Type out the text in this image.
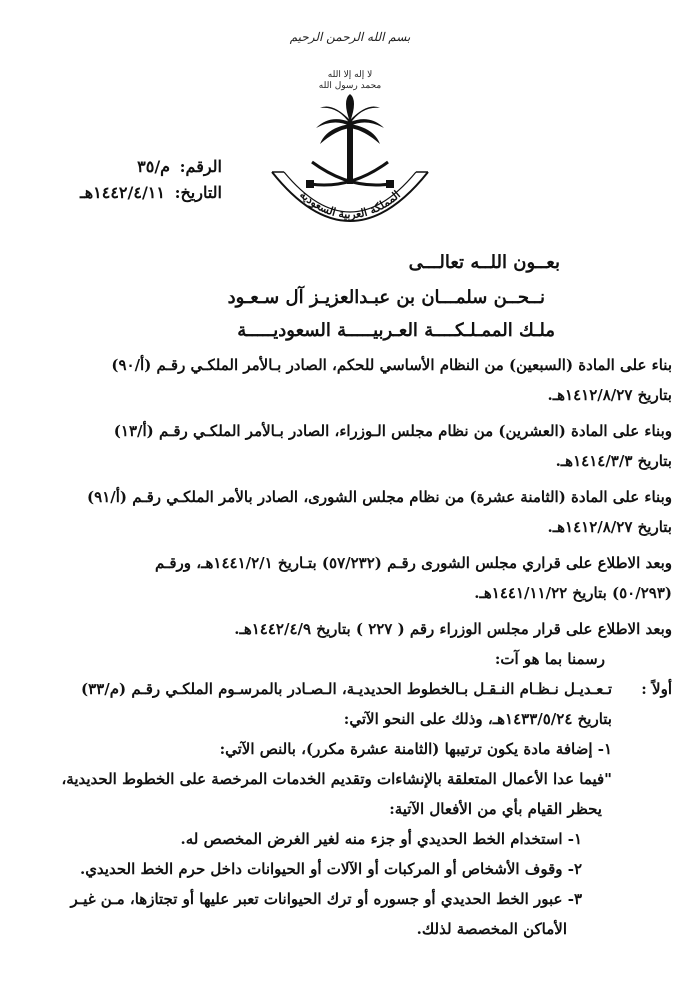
بسم الله الرحمن الرحيم
لا إله إلا الله
محمد رسول الله
المملكة العربية السعودية
الرقم: م/٣٥
التاريخ: ١٤٤٢/٤/١١هـ
بعــون اللــه تعالـــى
نــحــن سلمـــان بن عبـدالعزيـز آل سـعـود
ملـك الممـلـكــــة العـربيـــــة السعوديـــــة

بناء على المادة (السبعين) من النظام الأساسي للحكم، الصادر بـالأمر الملكـي رقـم (أ/٩٠)

بتاريخ ١٤١٢/٨/٢٧هـ.

وبناء على المادة (العشرين) من نظام مجلس الـوزراء، الصادر بـالأمر الملكـي رقـم (أ/١٣)

بتاريخ ١٤١٤/٣/٣هـ.

وبناء على المادة (الثامنة عشرة) من نظام مجلس الشورى، الصادر بالأمر الملكـي رقـم (أ/٩١)

بتاريخ ١٤١٢/٨/٢٧هـ.

وبعد الاطلاع على قراري مجلس الشورى رقـم (٥٧/٢٣٢) بتـاريخ ١٤٤١/٢/١هـ، ورقـم

(٥٠/٢٩٣) بتاريخ ١٤٤١/١١/٢٢هـ.

وبعد الاطلاع على قرار مجلس الوزراء رقم ( ٢٢٧ ) بتاريخ ١٤٤٢/٤/٩هـ.

رسمنا بما هو آت:

أولاً :

تـعـديـل نـظـام النـقـل بـالخطوط الحديديـة، الـصـادر بالمرسـوم الملكـي رقـم (م/٣٣)

بتاريخ ١٤٣٣/٥/٢٤هـ، وذلك على النحو الآتي:

١- إضافة مادة يكون ترتيبها (الثامنة عشرة مكرر)، بالنص الآتي:

"فيما عدا الأعمال المتعلقة بالإنشاءات وتقديم الخدمات المرخصة على الخطوط الحديدية،

يحظر القيام بأي من الأفعال الآتية:

١- استخدام الخط الحديدي أو جزء منه لغير الغرض المخصص له.

٢- وقوف الأشخاص أو المركبات أو الآلات أو الحيوانات داخل حرم الخط الحديدي.

٣- عبور الخط الحديدي أو جسوره أو ترك الحيوانات تعبر عليها أو تجتازها، مـن غيـر

الأماكن المخصصة لذلك.
